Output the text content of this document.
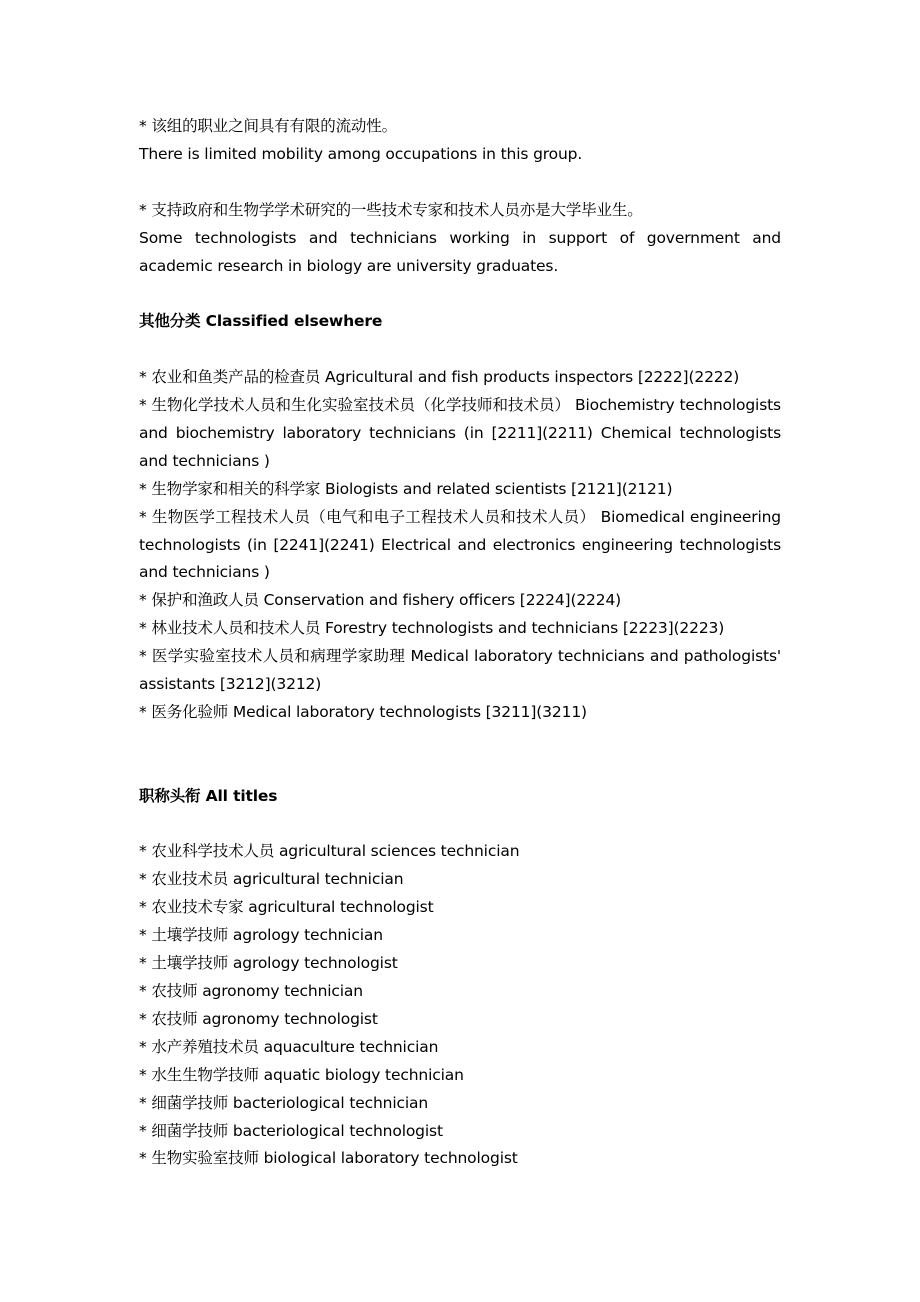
* 该组的职业之间具有有限的流动性。

There is limited mobility among occupations in this group.

* 支持政府和生物学学术研究的一些技术专家和技术人员亦是大学毕业生。

Some technologists and technicians working in support of government and academic research in biology are university graduates.

其他分类 Classified elsewhere

* 农业和鱼类产品的检查员 Agricultural and fish products inspectors [2222](2222)

* 生物化学技术人员和生化实验室技术员（化学技师和技术员） Biochemistry technologists and biochemistry laboratory technicians (in [2211](2211) Chemical technologists and technicians )

* 生物学家和相关的科学家 Biologists and related scientists [2121](2121)

* 生物医学工程技术人员（电气和电子工程技术人员和技术人员） Biomedical engineering technologists (in [2241](2241) Electrical and electronics engineering technologists and technicians )

* 保护和渔政人员 Conservation and fishery officers [2224](2224)

* 林业技术人员和技术人员 Forestry technologists and technicians [2223](2223)

* 医学实验室技术人员和病理学家助理 Medical laboratory technicians and pathologists' assistants [3212](3212)

* 医务化验师 Medical laboratory technologists [3211](3211)

职称头衔 All titles

* 农业科学技术人员 agricultural sciences technician

* 农业技术员 agricultural technician

* 农业技术专家 agricultural technologist

* 土壤学技师 agrology technician

* 土壤学技师 agrology technologist

* 农技师 agronomy technician

* 农技师 agronomy technologist

* 水产养殖技术员 aquaculture technician

* 水生生物学技师 aquatic biology technician

* 细菌学技师 bacteriological technician

* 细菌学技师 bacteriological technologist

* 生物实验室技师 biological laboratory technologist
